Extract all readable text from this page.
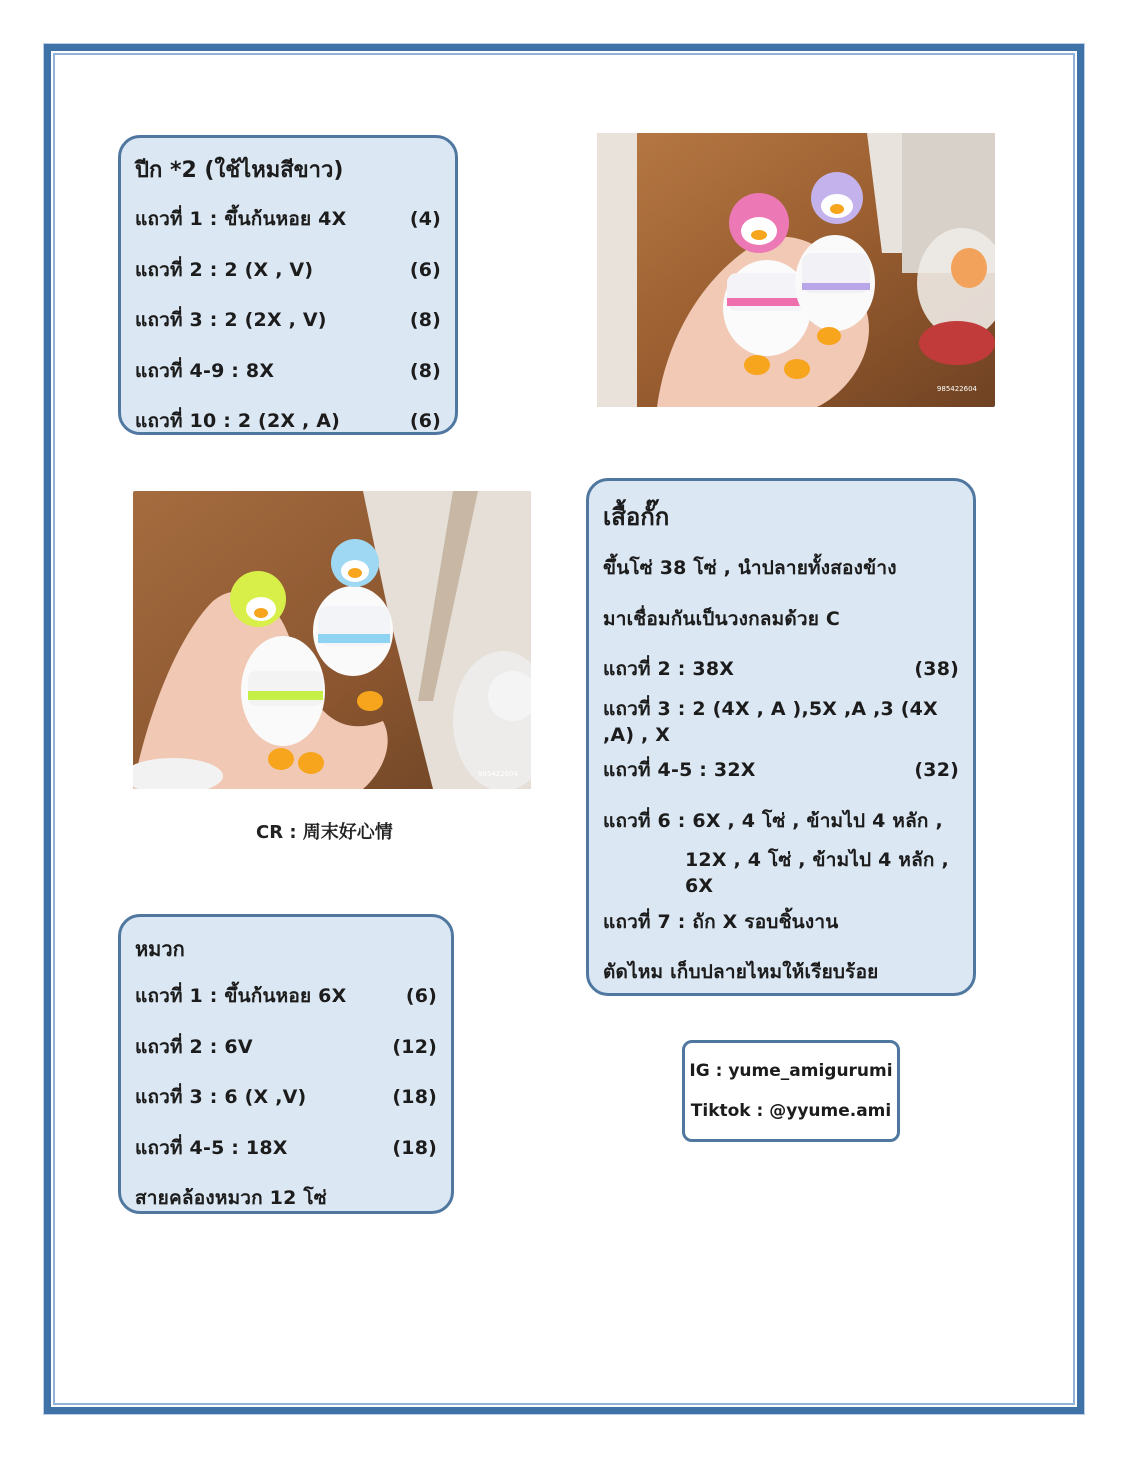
ปีก *2 (ใช้ไหมสีขาว)
แถวที่ 1 : ขึ้นก้นหอย 4X	(4)
แถวที่ 2 : 2 (X , V)	(6)
แถวที่ 3 : 2 (2X , V)	(8)
แถวที่ 4-9 : 8X	(8)
แถวที่ 10 : 2 (2X , A)	(6)
985422604
985422604
CR : 周末好心情
เสื้อกั๊ก
ขึ้นโซ่ 38 โซ่ , นำปลายทั้งสองข้าง
มาเชื่อมกันเป็นวงกลมด้วย C
แถวที่ 2 : 38X	(38)
แถวที่ 3 : 2 (4X , A ),5X ,A ,3 (4X ,A) , X
แถวที่ 4-5 : 32X	(32)
แถวที่ 6 : 6X , 4 โซ่ , ข้ามไป 4 หลัก ,
12X , 4 โซ่ , ข้ามไป 4 หลัก , 6X
แถวที่ 7 : ถัก X รอบชิ้นงาน
ตัดไหม เก็บปลายไหมให้เรียบร้อย
หมวก
แถวที่ 1 : ขึ้นก้นหอย 6X	(6)
แถวที่ 2 : 6V	(12)
แถวที่ 3 : 6 (X ,V)	(18)
แถวที่ 4-5 : 18X	(18)
สายคล้องหมวก 12 โซ่
IG : yume_amigurumi
Tiktok : @yyume.ami
